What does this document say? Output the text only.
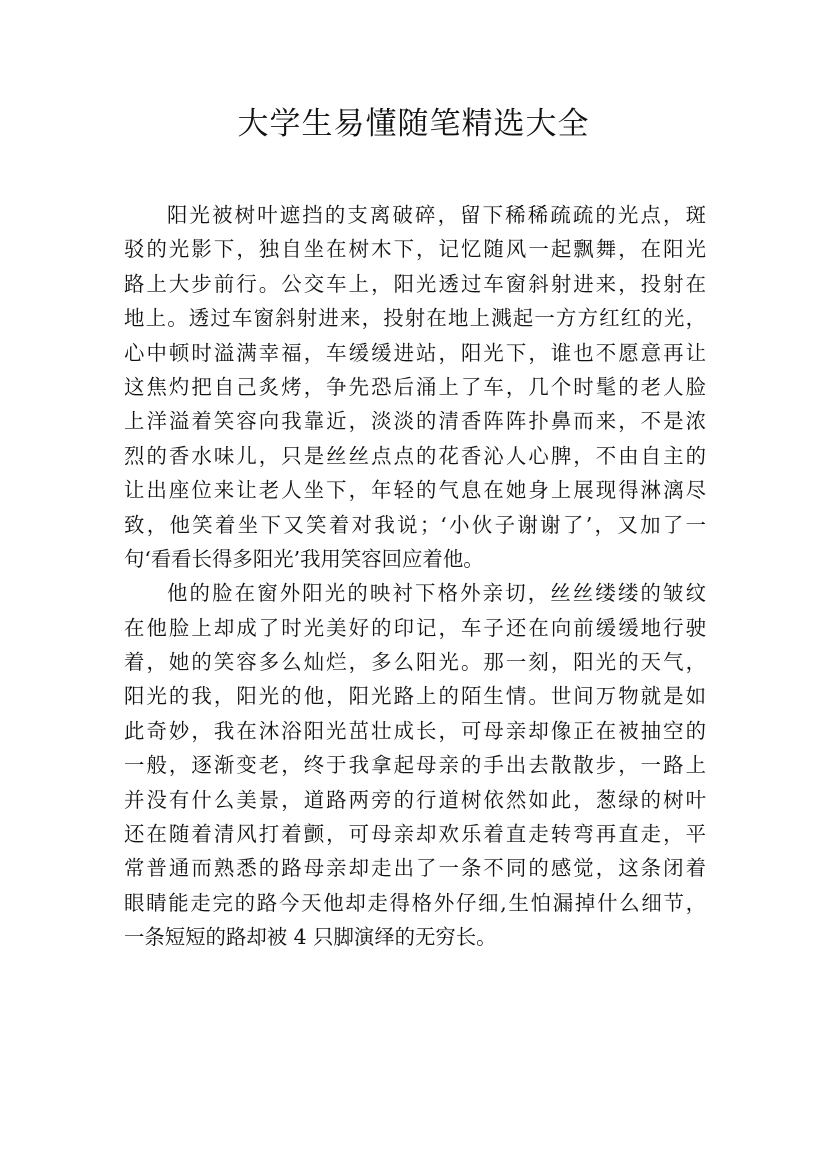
大学生易懂随笔精选大全
阳光被树叶遮挡的支离破碎，留下稀稀疏疏的光点，斑
驳的光影下，独自坐在树木下，记忆随风一起飘舞，在阳光
路上大步前行。公交车上，阳光透过车窗斜射进来，投射在
地上。透过车窗斜射进来，投射在地上溅起一方方红红的光，
心中顿时溢满幸福，车缓缓进站，阳光下，谁也不愿意再让
这焦灼把自己炙烤，争先恐后涌上了车，几个时髦的老人脸
上洋溢着笑容向我靠近，淡淡的清香阵阵扑鼻而来，不是浓
烈的香水味儿，只是丝丝点点的花香沁人心脾，不由自主的
让出座位来让老人坐下，年轻的气息在她身上展现得淋漓尽
致，他笑着坐下又笑着对我说；‘小伙子谢谢了’，又加了一
句‘看看长得多阳光’我用笑容回应着他。
他的脸在窗外阳光的映衬下格外亲切，丝丝缕缕的皱纹
在他脸上却成了时光美好的印记，车子还在向前缓缓地行驶
着，她的笑容多么灿烂，多么阳光。那一刻，阳光的天气，
阳光的我，阳光的他，阳光路上的陌生情。世间万物就是如
此奇妙，我在沐浴阳光茁壮成长，可母亲却像正在被抽空的
一般，逐渐变老，终于我拿起母亲的手出去散散步，一路上
并没有什么美景，道路两旁的行道树依然如此，葱绿的树叶
还在随着清风打着颤，可母亲却欢乐着直走转弯再直走，平
常普通而熟悉的路母亲却走出了一条不同的感觉，这条闭着
眼睛能走完的路今天他却走得格外仔细,生怕漏掉什么细节，
一条短短的路却被 4 只脚演绎的无穷长。
